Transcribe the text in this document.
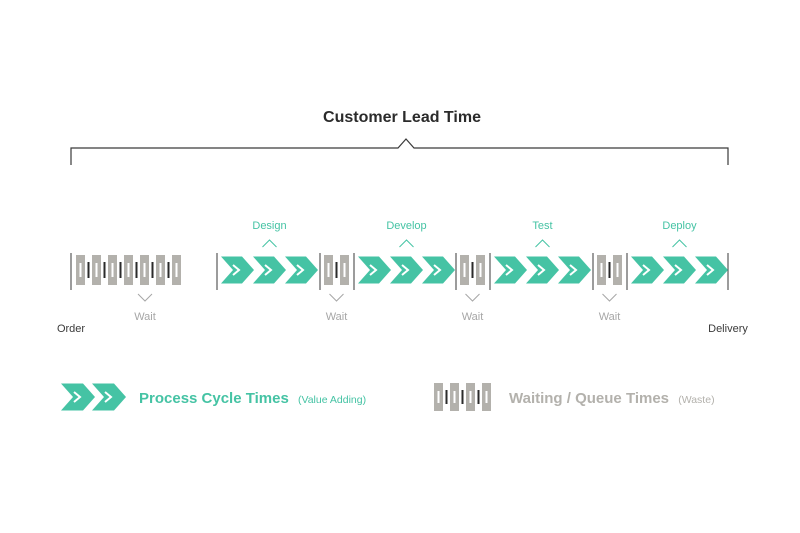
Customer Lead Time
Wait
Design
Wait
Develop
Wait
Test
Wait
Deploy
Order	Delivery
Process Cycle Times (Value Adding)	Waiting / Queue Times (Waste)
